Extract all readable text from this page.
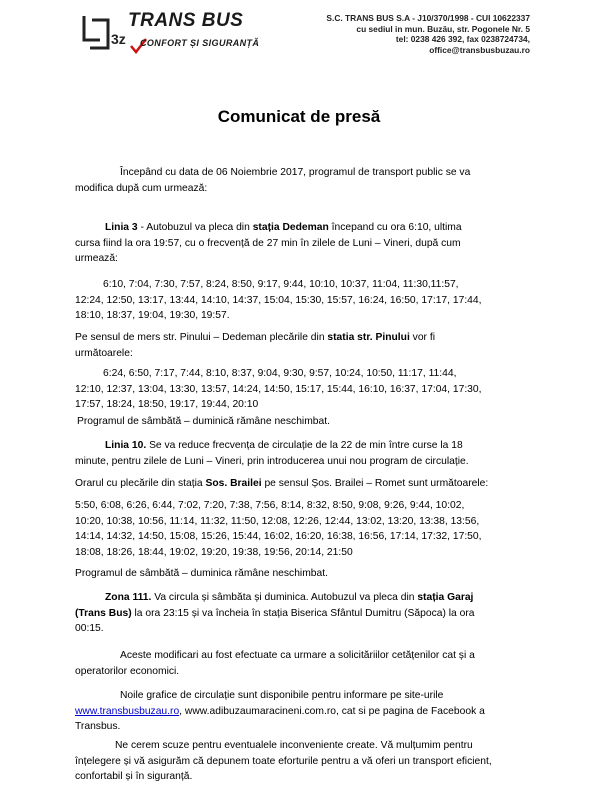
3z
TRANS BUS
CONFORT ȘI SIGURANȚĂ
S.C. TRANS BUS S.A - J10/370/1998 - CUI 10622337
cu sediul in mun. Buzău, str. Pogonele Nr. 5
tel: 0238 426 392, fax 0238724734,
office@transbusbuzau.ro
Comunicat de presă
Începând cu data de 06 Noiembrie 2017, programul de transport public se va
modifica după cum urmează:
Linia 3 - Autobuzul va pleca din stația Dedeman începand cu ora 6:10, ultima
cursa fiind la ora 19:57, cu o frecvență de 27 min în zilele de Luni – Vineri, după cum
urmează:
6:10, 7:04, 7:30, 7:57, 8:24, 8:50, 9:17, 9:44, 10:10, 10:37, 11:04, 11:30,11:57,
12:24, 12:50, 13:17, 13:44, 14:10, 14:37, 15:04, 15:30, 15:57, 16:24, 16:50, 17:17, 17:44,
18:10, 18:37, 19:04, 19:30, 19:57.
Pe sensul de mers str. Pinului – Dedeman plecările din statia str. Pinului vor fi
următoarele:
6:24, 6:50, 7:17, 7:44, 8:10, 8:37, 9:04, 9:30, 9:57, 10:24, 10:50, 11:17, 11:44,
12:10, 12:37, 13:04, 13:30, 13:57, 14:24, 14:50, 15:17, 15:44, 16:10, 16:37, 17:04, 17:30,
17:57, 18:24, 18:50, 19:17, 19:44, 20:10
Programul de sâmbătă – duminică rămâne neschimbat.
Linia 10. Se va reduce frecvența de circulație de la 22 de min între curse la 18
minute, pentru zilele de Luni – Vineri, prin introducerea unui nou program de circulație.
Orarul cu plecările din stația Sos. Brailei pe sensul Șos. Brailei – Romet sunt următoarele:
5:50, 6:08, 6:26, 6:44, 7:02, 7:20, 7:38, 7:56, 8:14, 8:32, 8:50, 9:08, 9:26, 9:44, 10:02,
10:20, 10:38, 10:56, 11:14, 11:32, 11:50, 12:08, 12:26, 12:44, 13:02, 13:20, 13:38, 13:56,
14:14, 14:32, 14:50, 15:08, 15:26, 15:44, 16:02, 16:20, 16:38, 16:56, 17:14, 17:32, 17:50,
18:08, 18:26, 18:44, 19:02, 19:20, 19:38, 19:56, 20:14, 21:50
Programul de sâmbătă – duminica rămâne neschimbat.
Zona 111. Va circula și sâmbăta și duminica. Autobuzul va pleca din stația Garaj
(Trans Bus) la ora 23:15 și va încheia în stația Biserica Sfântul Dumitru (Săpoca) la ora
00:15.
Aceste modificari au fost efectuate ca urmare a solicităriilor cetățenilor cat și a
operatorilor economici.
Noile grafice de circulație sunt disponibile pentru informare pe site-urile
www.transbusbuzau.ro, www.adibuzaumaracineni.com.ro, cat si pe pagina de Facebook a
Transbus.
Ne cerem scuze pentru eventualele inconveniente create. Vă mulțumim pentru
înțelegere și vă asigurăm că depunem toate eforturile pentru a vă oferi un transport eficient,
confortabil și în siguranță.
